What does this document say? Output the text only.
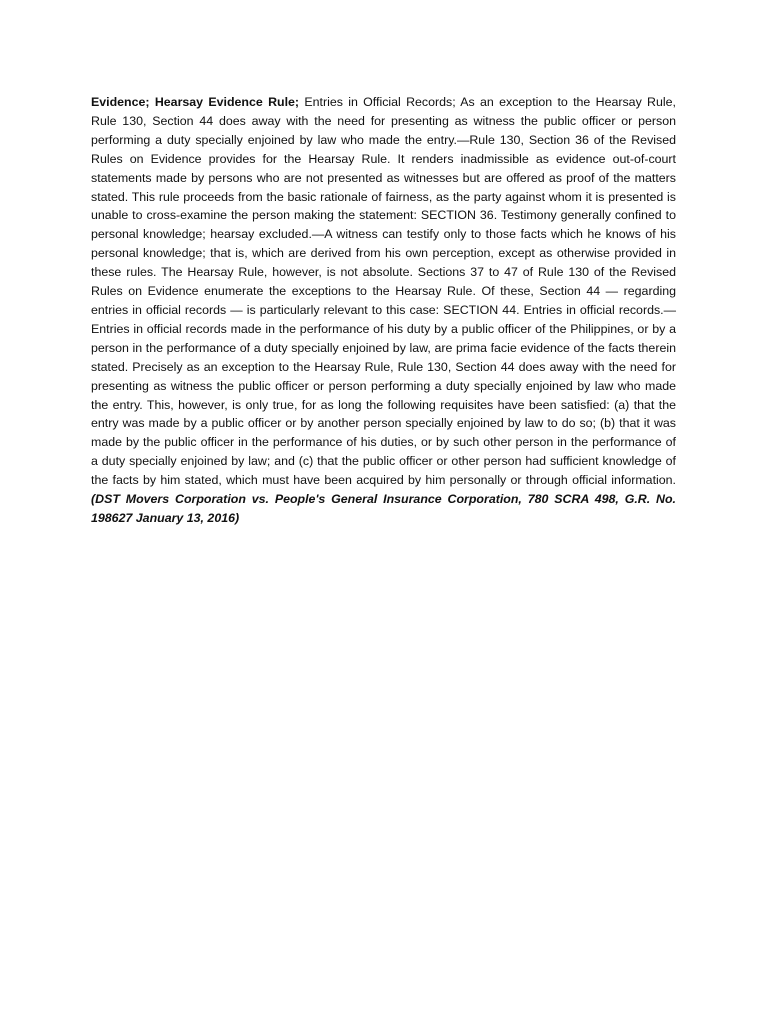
Evidence; Hearsay Evidence Rule; Entries in Official Records; As an exception to the Hearsay Rule, Rule 130, Section 44 does away with the need for presenting as witness the public officer or person performing a duty specially enjoined by law who made the entry.—Rule 130, Section 36 of the Revised Rules on Evidence provides for the Hearsay Rule. It renders inadmissible as evidence out-of-court statements made by persons who are not presented as witnesses but are offered as proof of the matters stated. This rule proceeds from the basic rationale of fairness, as the party against whom it is presented is unable to cross-examine the person making the statement: SECTION 36. Testimony generally confined to personal knowledge; hearsay excluded.—A witness can testify only to those facts which he knows of his personal knowledge; that is, which are derived from his own perception, except as otherwise provided in these rules. The Hearsay Rule, however, is not absolute. Sections 37 to 47 of Rule 130 of the Revised Rules on Evidence enumerate the exceptions to the Hearsay Rule. Of these, Section 44 — regarding entries in official records — is particularly relevant to this case: SECTION 44. Entries in official records.—Entries in official records made in the performance of his duty by a public officer of the Philippines, or by a person in the performance of a duty specially enjoined by law, are prima facie evidence of the facts therein stated. Precisely as an exception to the Hearsay Rule, Rule 130, Section 44 does away with the need for presenting as witness the public officer or person performing a duty specially enjoined by law who made the entry. This, however, is only true, for as long the following requisites have been satisfied: (a) that the entry was made by a public officer or by another person specially enjoined by law to do so; (b) that it was made by the public officer in the performance of his duties, or by such other person in the performance of a duty specially enjoined by law; and (c) that the public officer or other person had sufficient knowledge of the facts by him stated, which must have been acquired by him personally or through official information. (DST Movers Corporation vs. People's General Insurance Corporation, 780 SCRA 498, G.R. No. 198627 January 13, 2016)
